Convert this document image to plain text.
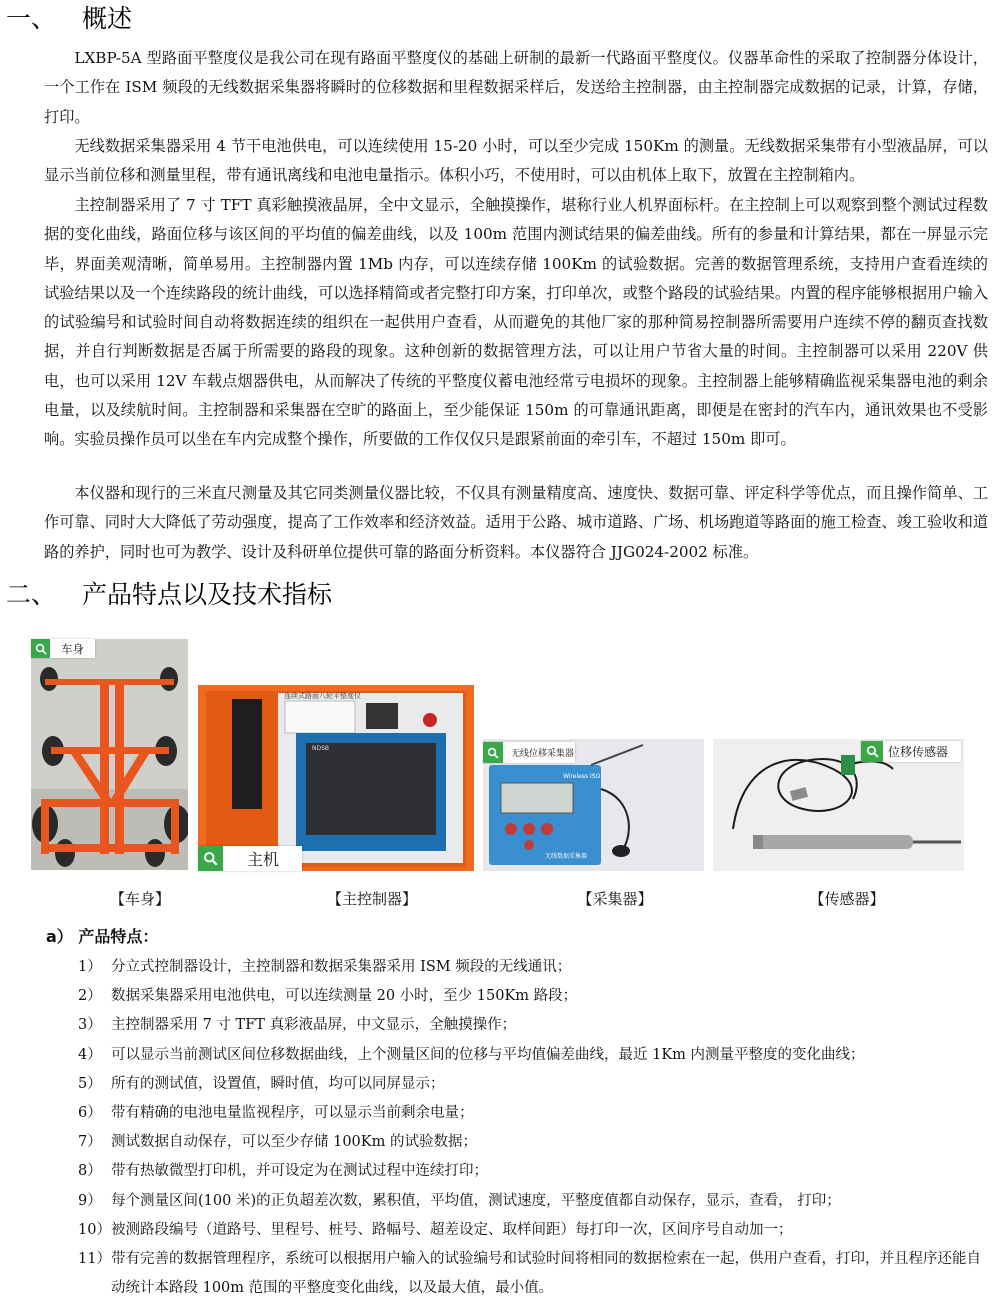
一、 概述

LXBP-5A 型路面平整度仪是我公司在现有路面平整度仪的基础上研制的最新一代路面平整度仪。仪器革命性的采取了控制器分体设计，一个工作在 ISM 频段的无线数据采集器将瞬时的位移数据和里程数据采样后，发送给主控制器，由主控制器完成数据的记录，计算，存储，打印。

无线数据采集器采用 4 节干电池供电，可以连续使用 15-20 小时，可以至少完成 150Km 的测量。无线数据采集带有小型液晶屏，可以显示当前位移和测量里程，带有通讯离线和电池电量指示。体积小巧，不使用时，可以由机体上取下，放置在主控制箱内。

主控制器采用了 7 寸 TFT 真彩触摸液晶屏，全中文显示，全触摸操作，堪称行业人机界面标杆。在主控制上可以观察到整个测试过程数据的变化曲线，路面位移与该区间的平均值的偏差曲线，以及 100m 范围内测试结果的偏差曲线。所有的参量和计算结果，都在一屏显示完毕，界面美观清晰，简单易用。主控制器内置 1Mb 内存，可以连续存储 100Km 的试验数据。完善的数据管理系统，支持用户查看连续的试验结果以及一个连续路段的统计曲线，可以选择精简或者完整打印方案，打印单次，或整个路段的试验结果。内置的程序能够根据用户输入的试验编号和试验时间自动将数据连续的组织在一起供用户查看，从而避免的其他厂家的那种简易控制器所需要用户连续不停的翻页查找数据，并自行判断数据是否属于所需要的路段的现象。这种创新的数据管理方法，可以让用户节省大量的时间。主控制器可以采用 220V 供电，也可以采用 12V 车载点烟器供电，从而解决了传统的平整度仪蓄电池经常亏电损坏的现象。主控制器上能够精确监视采集器电池的剩余电量，以及续航时间。主控制器和采集器在空旷的路面上，至少能保证 150m 的可靠通讯距离，即便是在密封的汽车内，通讯效果也不受影响。实验员操作员可以坐在车内完成整个操作，所要做的工作仅仅只是跟紧前面的牵引车，不超过 150m 即可。

本仪器和现行的三米直尺测量及其它同类测量仪器比较，不仅具有测量精度高、速度快、数据可靠、评定科学等优点，而且操作简单、工作可靠、同时大大降低了劳动强度，提高了工作效率和经济效益。适用于公路、城市道路、广场、机场跑道等路面的施工检查、竣工验收和道路的养护，同时也可为教学、设计及科研单位提供可靠的路面分析资料。本仪器符合 JJG024-2002 标准。

二、 产品特点以及技术指标
车身
连续式路面八轮平整度仪
NDSB
主机
Wireless ISO
无线数据采集器
无线位移采集器	位移传感器
【车身】	【主控制器】	【采集器】	【传感器】
a） 产品特点：
1） 分立式控制器设计，主控制器和数据采集器采用 ISM 频段的无线通讯；
2） 数据采集器采用电池供电，可以连续测量 20 小时，至少 150Km 路段；
3） 主控制器采用 7 寸 TFT 真彩液晶屏，中文显示，全触摸操作；
4） 可以显示当前测试区间位移数据曲线，上个测量区间的位移与平均值偏差曲线，最近 1Km 内测量平整度的变化曲线；
5） 所有的测试值，设置值，瞬时值，均可以同屏显示；
6） 带有精确的电池电量监视程序，可以显示当前剩余电量；
7） 测试数据自动保存，可以至少存储 100Km 的试验数据；
8） 带有热敏微型打印机，并可设定为在测试过程中连续打印；
9） 每个测量区间(100 米)的正负超差次数，累积值，平均值，测试速度，平整度值都自动保存，显示，查看， 打印；
10） 被测路段编号（道路号、里程号、桩号、路幅号、超差设定、取样间距）每打印一次，区间序号自动加一；
11） 带有完善的数据管理程序，系统可以根据用户输入的试验编号和试验时间将相同的数据检索在一起，供用户查看，打印，并且程序还能自动统计本路段 100m 范围的平整度变化曲线，以及最大值，最小值。
